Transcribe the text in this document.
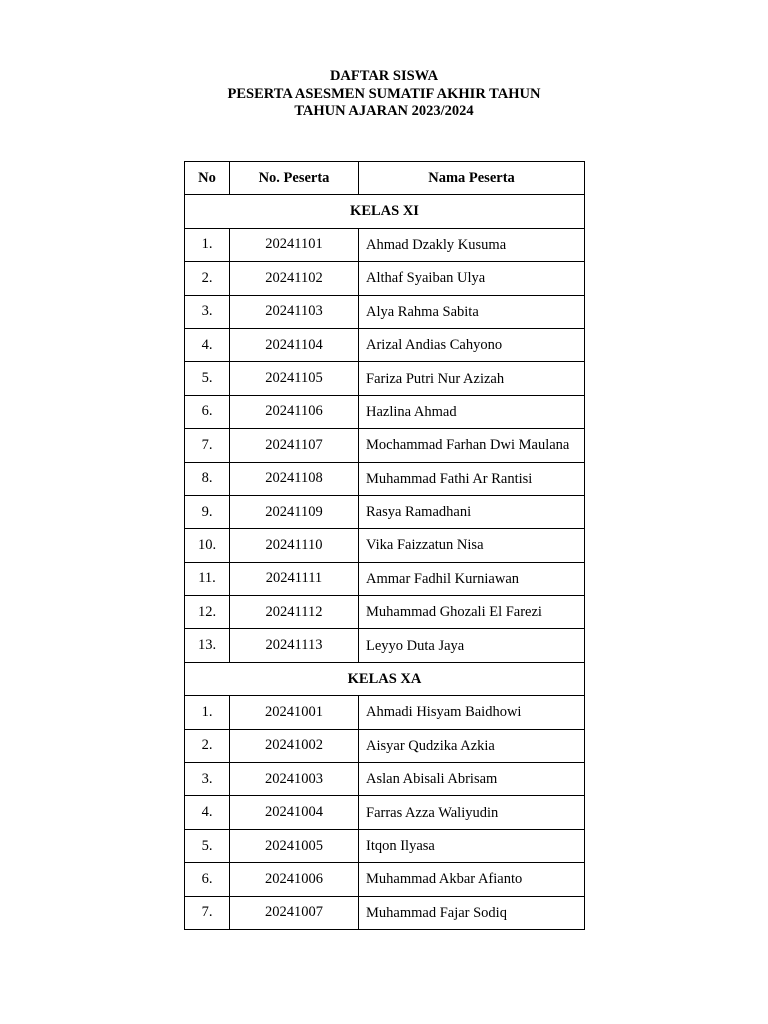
DAFTAR SISWA
PESERTA ASESMEN SUMATIF AKHIR TAHUN
TAHUN AJARAN 2023/2024
No	No. Peserta	Nama Peserta
KELAS XI		
1.	20241101	Ahmad Dzakly Kusuma
2.	20241102	Althaf Syaiban Ulya
3.	20241103	Alya Rahma Sabita
4.	20241104	Arizal Andias Cahyono
5.	20241105	Fariza Putri Nur Azizah
6.	20241106	Hazlina Ahmad
7.	20241107	Mochammad Farhan Dwi Maulana
8.	20241108	Muhammad Fathi Ar Rantisi
9.	20241109	Rasya Ramadhani
10.	20241110	Vika Faizzatun Nisa
11.	20241111	Ammar Fadhil Kurniawan
12.	20241112	Muhammad Ghozali El Farezi
13.	20241113	Leyyo Duta Jaya
KELAS XA		
1.	20241001	Ahmadi Hisyam Baidhowi
2.	20241002	Aisyar Qudzika Azkia
3.	20241003	Aslan Abisali Abrisam
4.	20241004	Farras Azza Waliyudin
5.	20241005	Itqon Ilyasa
6.	20241006	Muhammad Akbar Afianto
7.	20241007	Muhammad Fajar Sodiq
